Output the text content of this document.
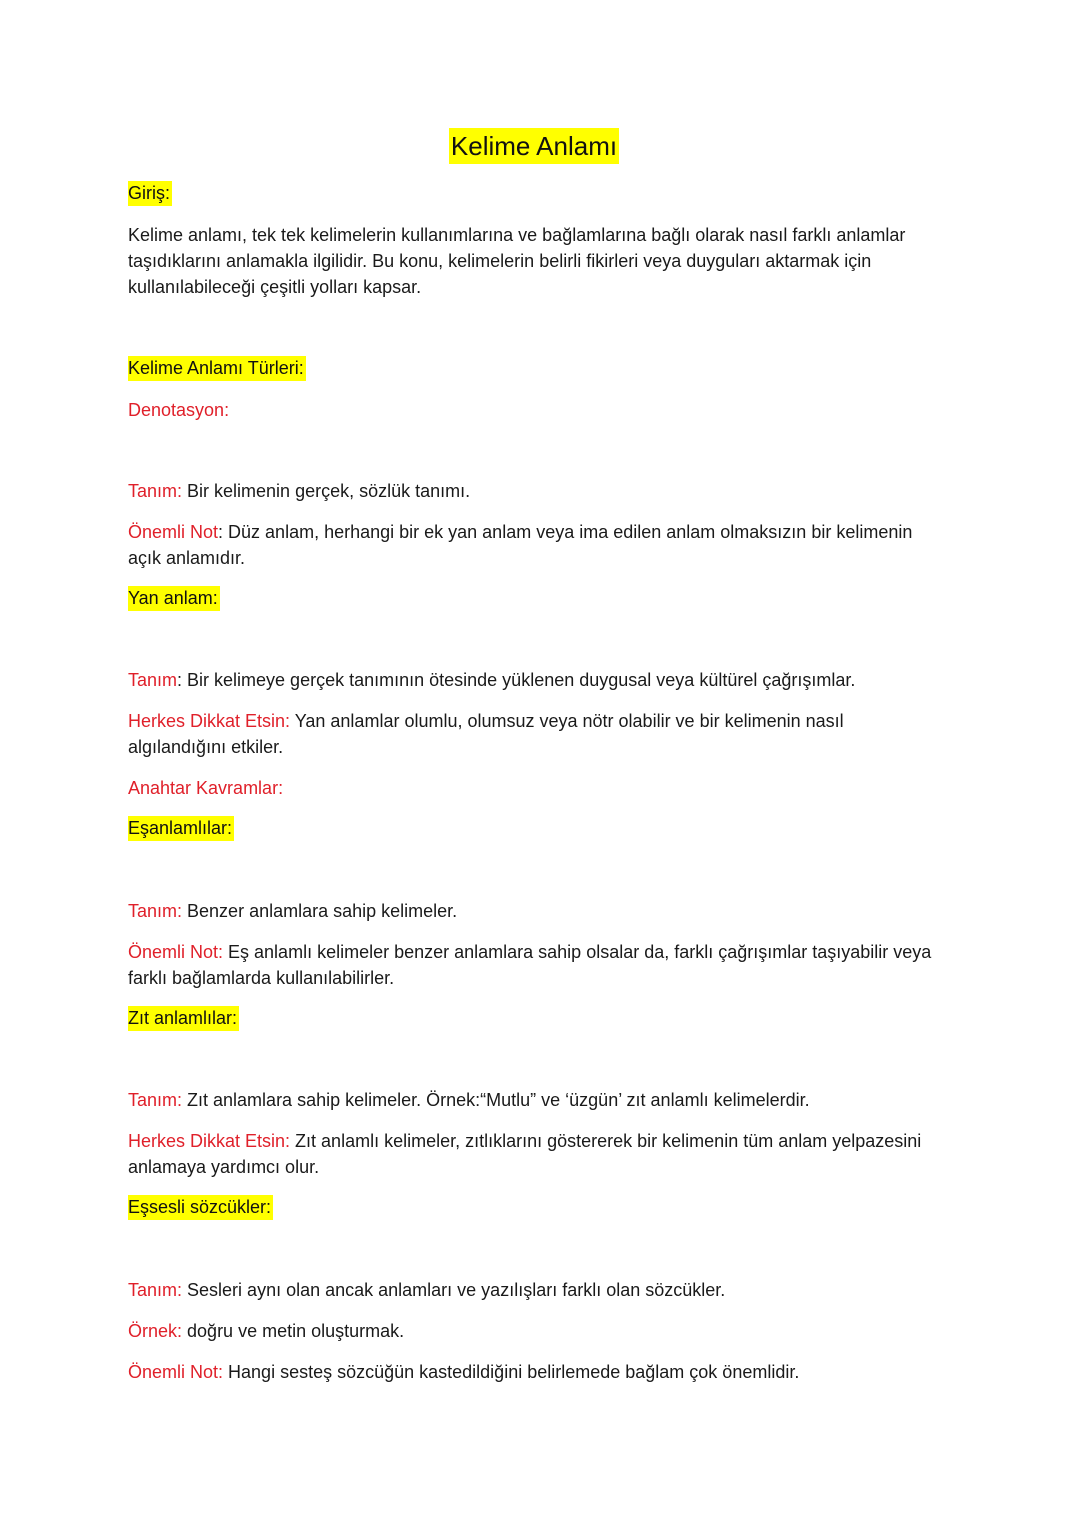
Kelime Anlamı
Giriş:

Kelime anlamı, tek tek kelimelerin kullanımlarına ve bağlamlarına bağlı olarak nasıl farklı anlamlar taşıdıklarını anlamakla ilgilidir. Bu konu, kelimelerin belirli fikirleri veya duyguları aktarmak için kullanılabileceği çeşitli yolları kapsar.

Kelime Anlamı Türleri:
Denotasyon:

Tanım: Bir kelimenin gerçek, sözlük tanımı.

Önemli Not: Düz anlam, herhangi bir ek yan anlam veya ima edilen anlam olmaksızın bir kelimenin açık anlamıdır.

Yan anlam:

Tanım: Bir kelimeye gerçek tanımının ötesinde yüklenen duygusal veya kültürel çağrışımlar.

Herkes Dikkat Etsin: Yan anlamlar olumlu, olumsuz veya nötr olabilir ve bir kelimenin nasıl algılandığını etkiler.

Anahtar Kavramlar:
Eşanlamlılar:

Tanım: Benzer anlamlara sahip kelimeler.

Önemli Not: Eş anlamlı kelimeler benzer anlamlara sahip olsalar da, farklı çağrışımlar taşıyabilir veya farklı bağlamlarda kullanılabilirler.

Zıt anlamlılar:

Tanım: Zıt anlamlara sahip kelimeler. Örnek:“Mutlu” ve ‘üzgün’ zıt anlamlı kelimelerdir.

Herkes Dikkat Etsin: Zıt anlamlı kelimeler, zıtlıklarını göstererek bir kelimenin tüm anlam yelpazesini anlamaya yardımcı olur.

Eşsesli sözcükler:

Tanım: Sesleri aynı olan ancak anlamları ve yazılışları farklı olan sözcükler.

Örnek: doğru ve metin oluşturmak.

Önemli Not: Hangi sesteş sözcüğün kastedildiğini belirlemede bağlam çok önemlidir.
